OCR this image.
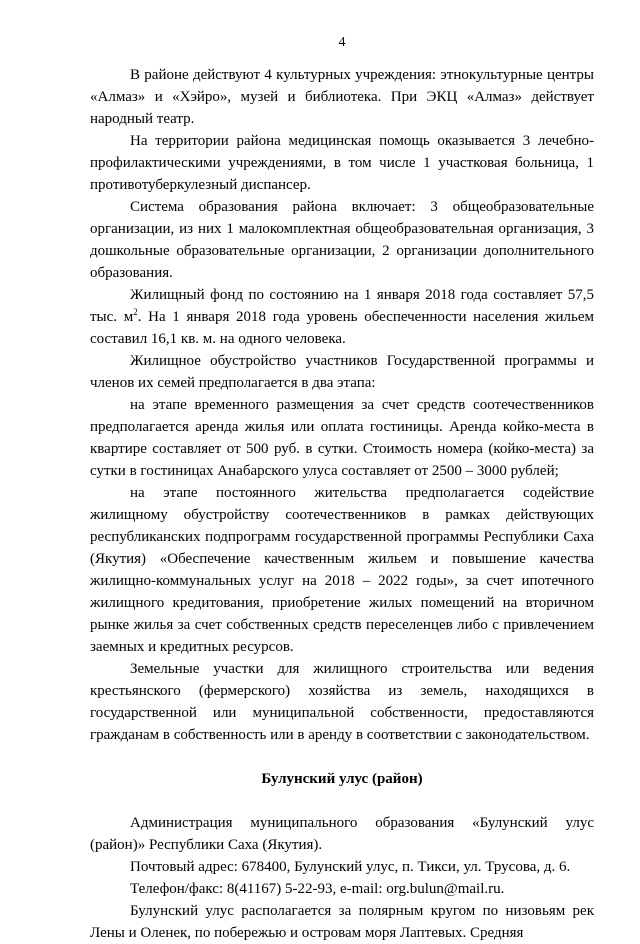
4

В районе действуют 4 культурных учреждения: этнокультурные центры «Алмаз» и «Хэйро», музей и библиотека. При ЭКЦ «Алмаз» действует народный театр.

На территории района медицинская помощь оказывается 3 лечебно-профилактическими учреждениями, в том числе 1 участковая больница, 1 противотуберкулезный диспансер.

Система образования района включает: 3 общеобразовательные организации, из них 1 малокомплектная общеобразовательная организация, 3 дошкольные образовательные организации, 2 организации дополнительного образования.

Жилищный фонд по состоянию на 1 января 2018 года составляет 57,5 тыс. $м^2$. На 1 января 2018 года уровень обеспеченности населения жильем составил 16,1 кв. м. на одного человека.

Жилищное обустройство участников Государственной программы и членов их семей предполагается в два этапа:

на этапе временного размещения за счет средств соотечественников предполагается аренда жилья или оплата гостиницы. Аренда койко-места в квартире составляет от 500 руб. в сутки. Стоимость номера (койко-места) за сутки в гостиницах Анабарского улуса составляет от 2500 – 3000 рублей;

на этапе постоянного жительства предполагается содействие жилищному обустройству соотечественников в рамках действующих республиканских подпрограмм государственной программы Республики Саха (Якутия) «Обеспечение качественным жильем и повышение качества жилищно-коммунальных услуг на 2018 – 2022 годы», за счет ипотечного жилищного кредитования, приобретение жилых помещений на вторичном рынке жилья за счет собственных средств переселенцев либо с привлечением заемных и кредитных ресурсов.

Земельные участки для жилищного строительства или ведения крестьянского (фермерского) хозяйства из земель, находящихся в государственной или муниципальной собственности, предоставляются гражданам в собственность или в аренду в соответствии с законодательством.

Булунский улус (район)

Администрация муниципального образования «Булунский улус (район)» Республики Саха (Якутия).

Почтовый адрес: 678400, Булунский улус, п. Тикси, ул. Трусова, д. 6.

Телефон/факс: 8(41167) 5-22-93, e-mail: org.bulun@mail.ru.

Булунский улус располагается за полярным кругом по низовьям рек Лены и Оленек, по побережью и островам моря Лаптевых. Средняя
